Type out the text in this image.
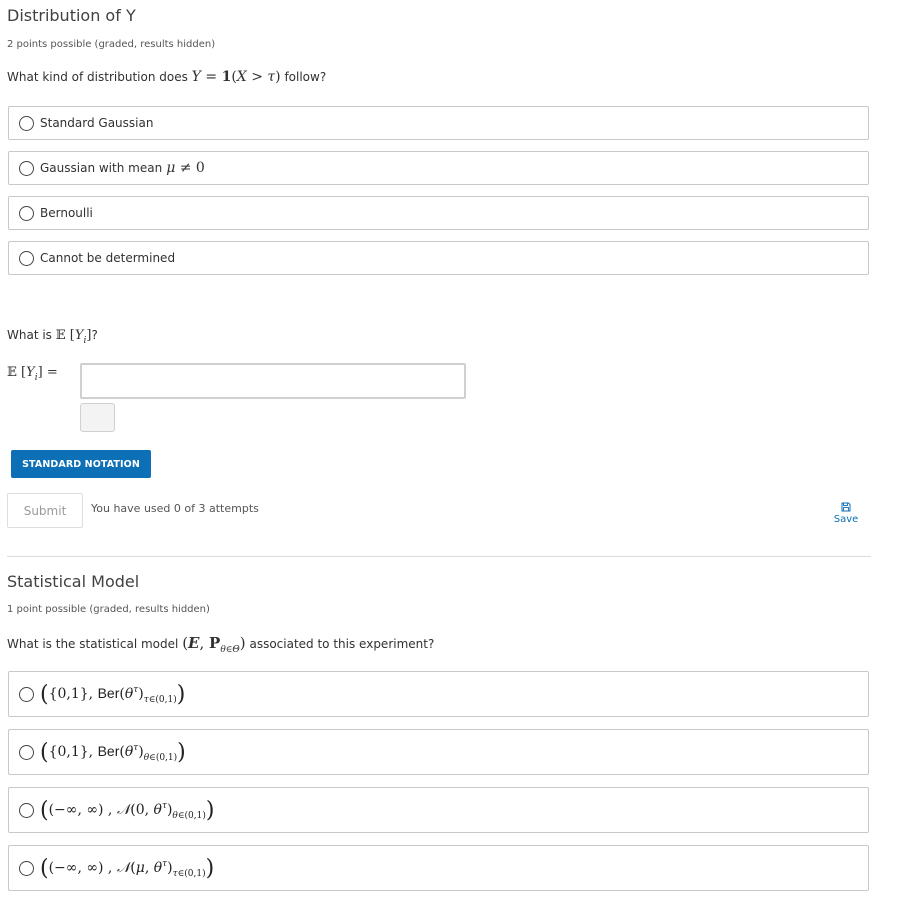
Distribution of Y
2 points possible (graded, results hidden)
What kind of distribution does Y = 1(X > τ) follow?
Standard Gaussian
Gaussian with mean μ ≠ 0
Bernoulli
Cannot be determined
What is 𝔼 $[Y_i]$?
𝔼 $[Y_i]$ =
STANDARD NOTATION
Submit	You have used 0 of 3 attempts
Save
Statistical Model
1 point possible (graded, results hidden)
What is the statistical model (E, $P_{\theta\in\Theta}$) associated to this experiment?
({0,1}, $Ber(\theta^\tau)_{\tau\in(0,1)}$)
({0,1}, $Ber(\theta^\tau)_{\theta\in(0,1)}$)
((−∞, ∞) , 𝒩(0, $\theta^\tau)_{\theta\in(0,1)}$)
((−∞, ∞) , 𝒩(μ, $\theta^\tau)_{\tau\in(0,1)}$)
